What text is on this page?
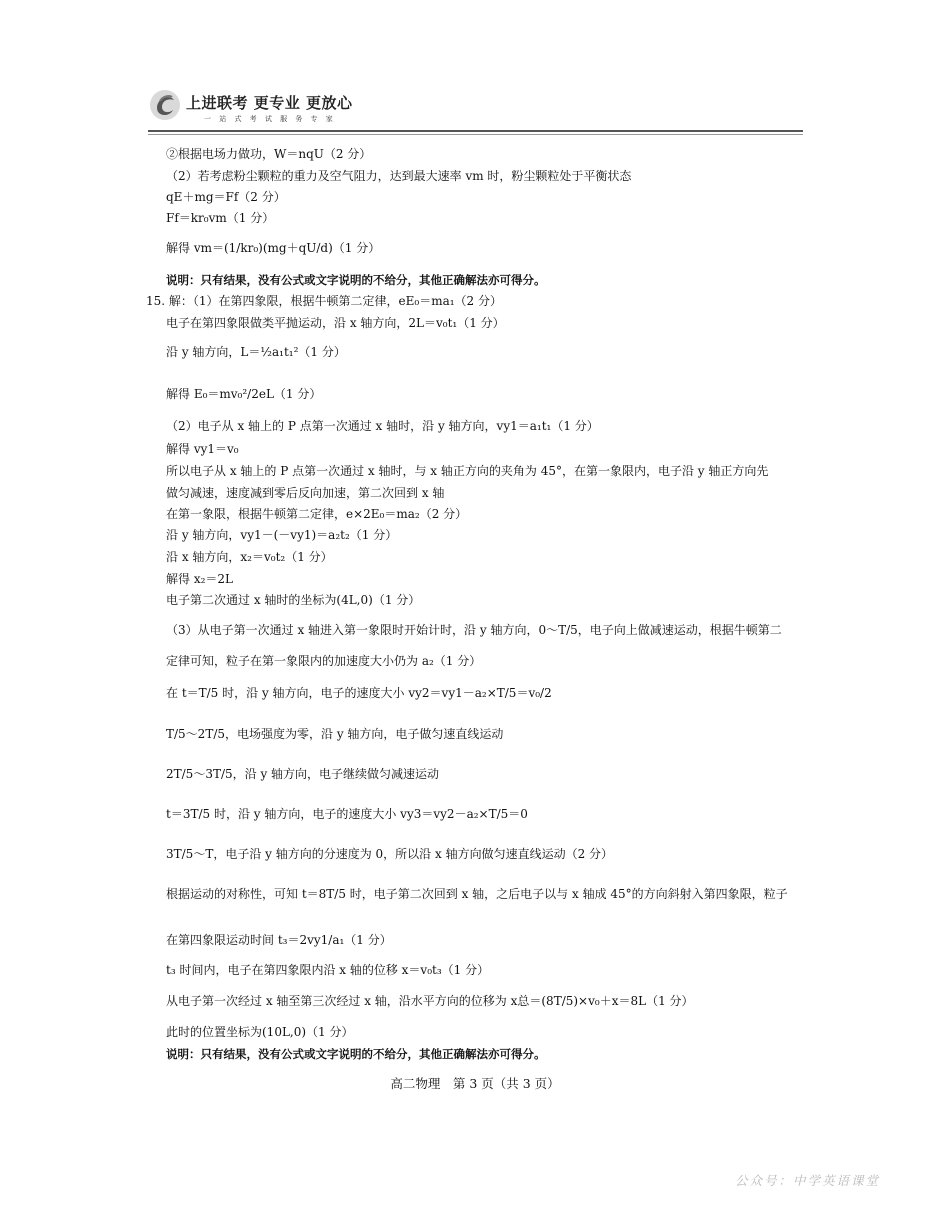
上进联考 更专业 更放心
一 站 式 考 试 服 务 专 家
②根据电场力做功，W＝nqU（2 分）
（2）若考虑粉尘颗粒的重力及空气阻力，达到最大速率 vm 时，粉尘颗粒处于平衡状态
qE＋mg＝Ff（2 分）
Ff＝kr₀vm（1 分）
解得 vm＝(1/kr₀)(mg＋qU/d)（1 分）
说明：只有结果，没有公式或文字说明的不给分，其他正确解法亦可得分。
15. 解：（1）在第四象限，根据牛顿第二定律，eE₀＝ma₁（2 分）
电子在第四象限做类平抛运动，沿 x 轴方向，2L＝v₀t₁（1 分）
沿 y 轴方向，L＝½a₁t₁²（1 分）
解得 E₀＝mv₀²/2eL（1 分）
（2）电子从 x 轴上的 P 点第一次通过 x 轴时，沿 y 轴方向，vy1＝a₁t₁（1 分）
解得 vy1＝v₀
所以电子从 x 轴上的 P 点第一次通过 x 轴时，与 x 轴正方向的夹角为 45°，在第一象限内，电子沿 y 轴正方向先
做匀减速，速度减到零后反向加速，第二次回到 x 轴
在第一象限，根据牛顿第二定律，e×2E₀＝ma₂（2 分）
沿 y 轴方向，vy1－(－vy1)＝a₂t₂（1 分）
沿 x 轴方向，x₂＝v₀t₂（1 分）
解得 x₂＝2L
电子第二次通过 x 轴时的坐标为(4L,0)（1 分）
（3）从电子第一次通过 x 轴进入第一象限时开始计时，沿 y 轴方向，0～T/5，电子向上做减速运动，根据牛顿第二
定律可知，粒子在第一象限内的加速度大小仍为 a₂（1 分）
在 t＝T/5 时，沿 y 轴方向，电子的速度大小 vy2＝vy1－a₂×T/5＝v₀/2
T/5～2T/5，电场强度为零，沿 y 轴方向，电子做匀速直线运动
2T/5～3T/5，沿 y 轴方向，电子继续做匀减速运动
t＝3T/5 时，沿 y 轴方向，电子的速度大小 vy3＝vy2－a₂×T/5＝0
3T/5～T，电子沿 y 轴方向的分速度为 0，所以沿 x 轴方向做匀速直线运动（2 分）
根据运动的对称性，可知 t＝8T/5 时，电子第二次回到 x 轴，之后电子以与 x 轴成 45°的方向斜射入第四象限，粒子
在第四象限运动时间 t₃＝2vy1/a₁（1 分）
t₃ 时间内，电子在第四象限内沿 x 轴的位移 x＝v₀t₃（1 分）
从电子第一次经过 x 轴至第三次经过 x 轴，沿水平方向的位移为 x总＝(8T/5)×v₀＋x＝8L（1 分）
此时的位置坐标为(10L,0)（1 分）
说明：只有结果，没有公式或文字说明的不给分，其他正确解法亦可得分。
高二物理　第 3 页（共 3 页）
公众号：中学英语课堂
